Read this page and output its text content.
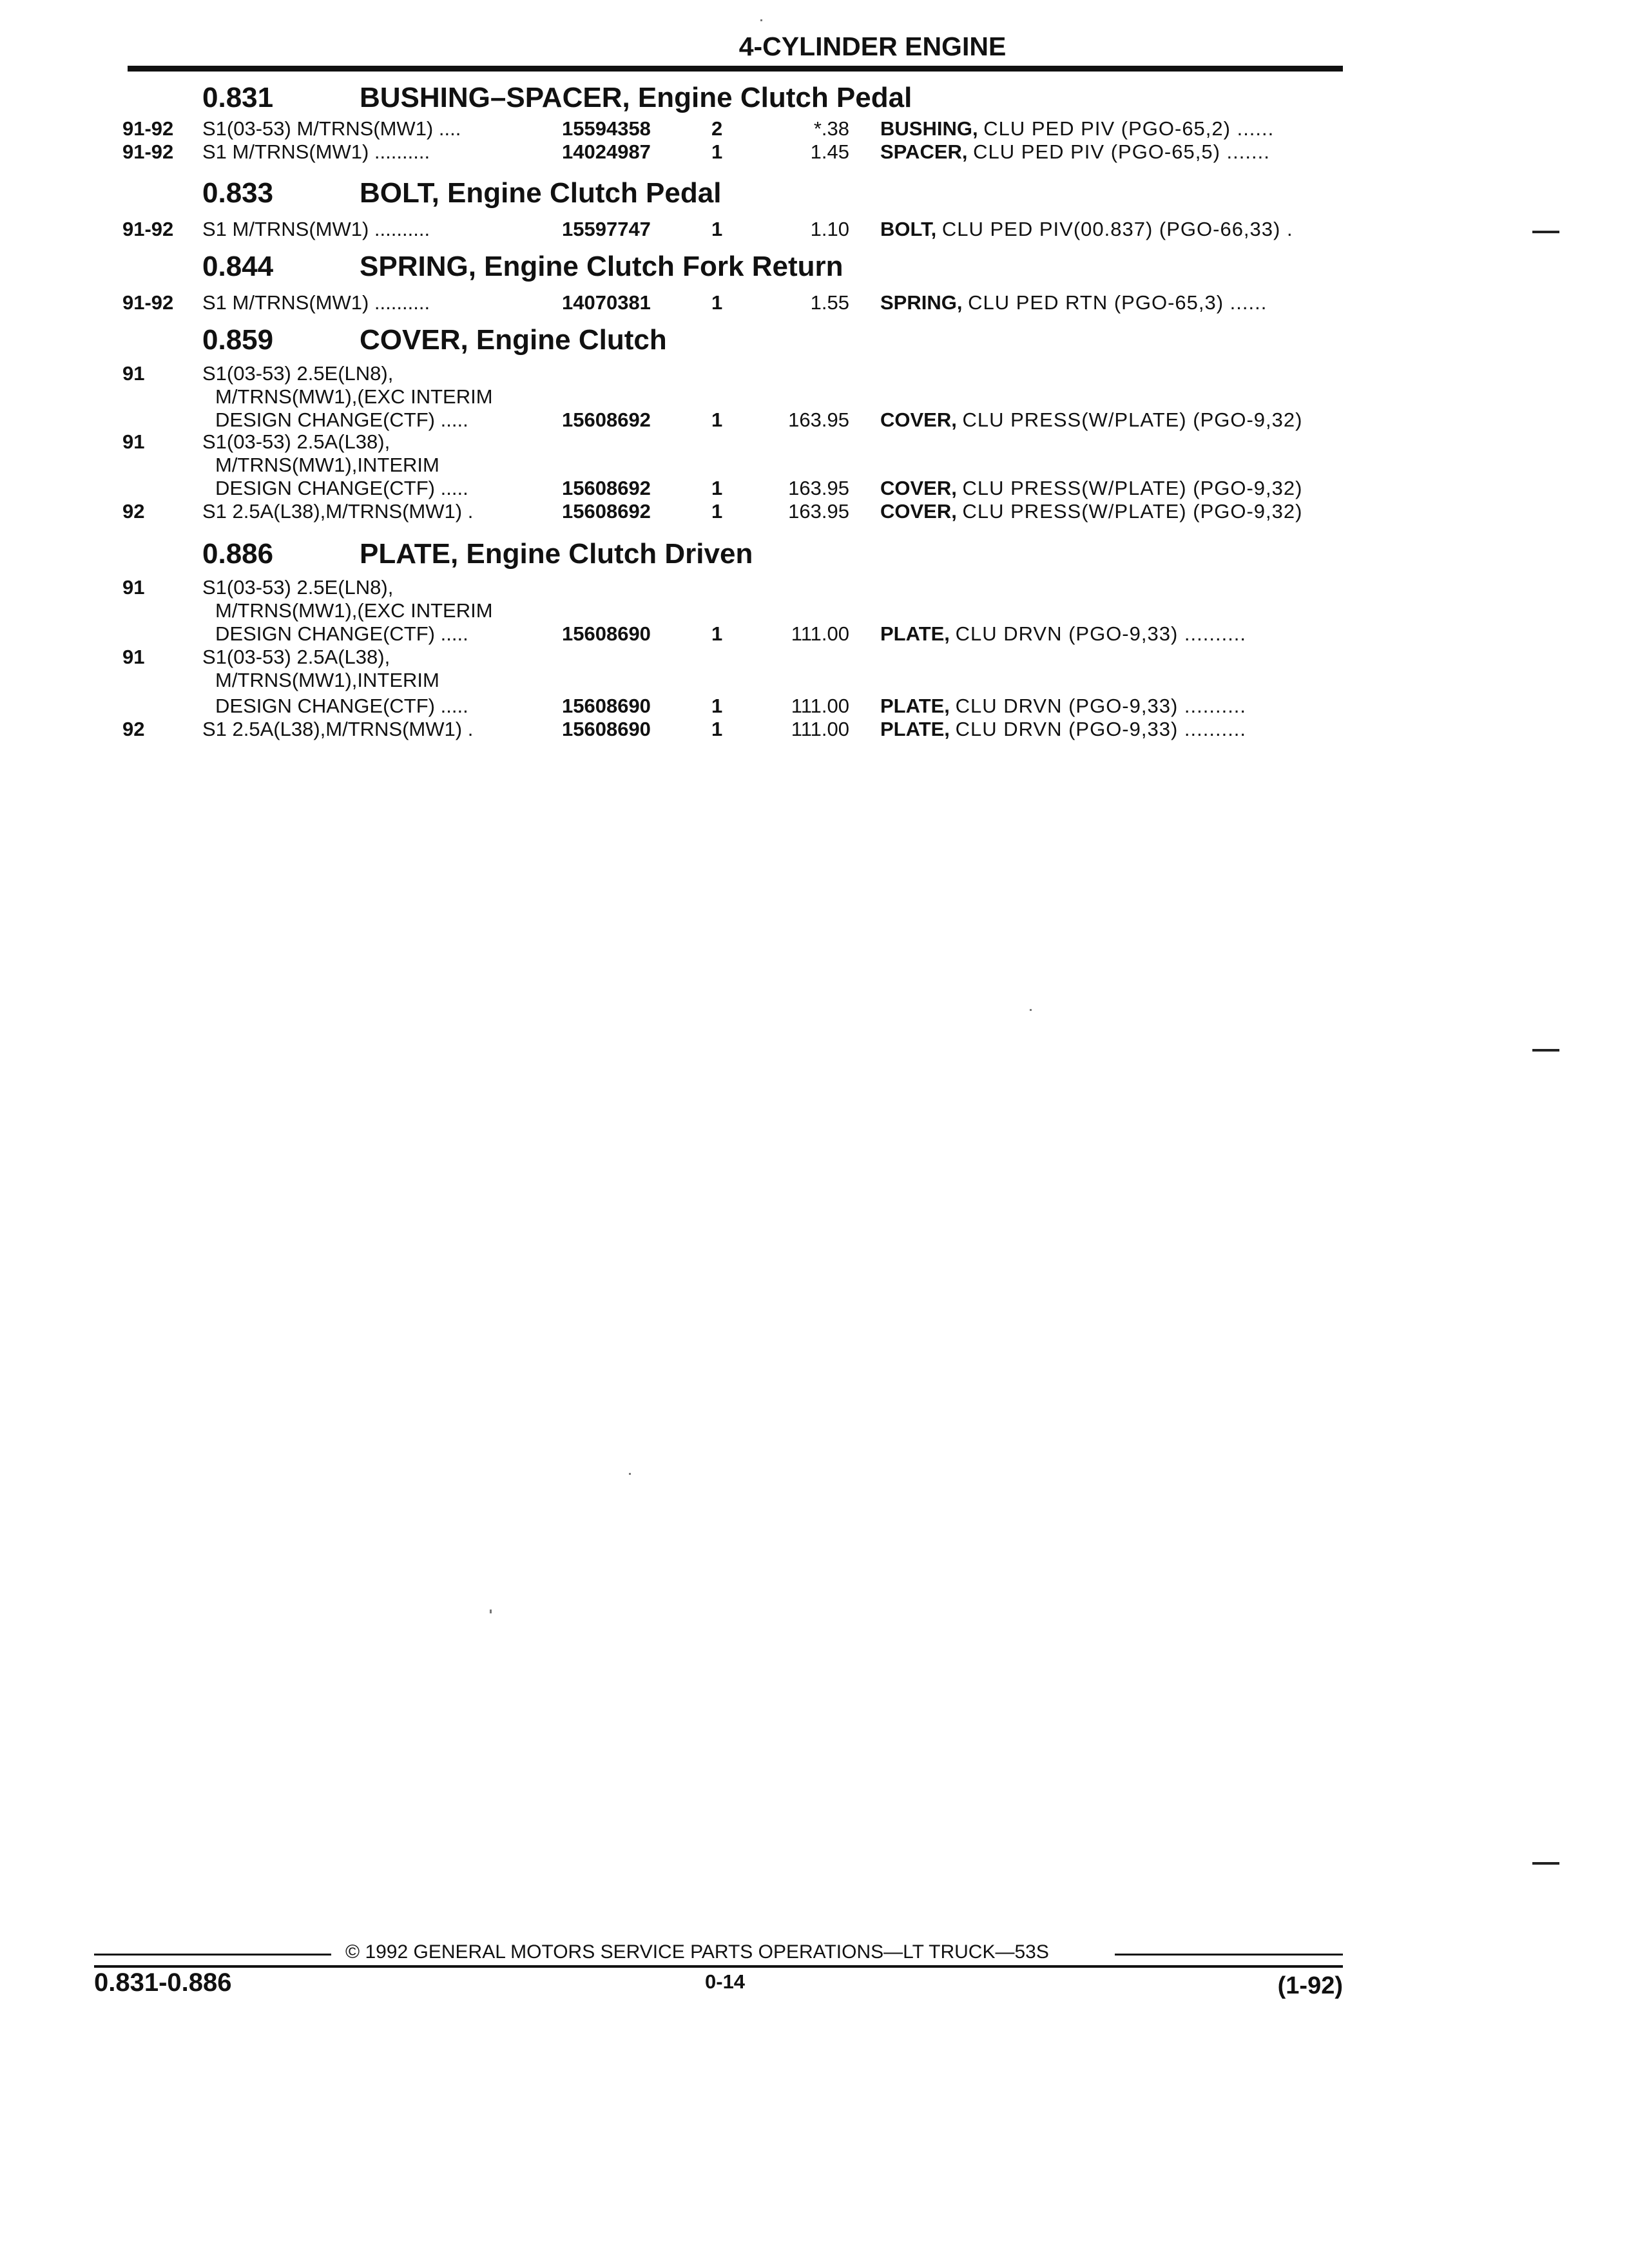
4-CYLINDER ENGINE
0.831	BUSHING–SPACER, Engine Clutch Pedal
91-92 S1(03-53) M/TRNS(MW1) ....	15594358	2	*.38 BUSHING, CLU PED PIV (PGO-65,2) ......
91-92 S1 M/TRNS(MW1) ..........	14024987	1	1.45 SPACER, CLU PED PIV (PGO-65,5) .......
0.833	BOLT, Engine Clutch Pedal
91-92 S1 M/TRNS(MW1) ..........	15597747	1	1.10 BOLT, CLU PED PIV(00.837) (PGO-66,33) .
0.844	SPRING, Engine Clutch Fork Return
91-92 S1 M/TRNS(MW1) ..........	14070381	1	1.55 SPRING, CLU PED RTN (PGO-65,3) ......
0.859	COVER, Engine Clutch
91	S1(03-53) 2.5E(LN8),
M/TRNS(MW1),(EXC INTERIM
DESIGN CHANGE(CTF) .....	15608692	1	163.95 COVER, CLU PRESS(W/PLATE) (PGO-9,32)
91	S1(03-53) 2.5A(L38),
M/TRNS(MW1),INTERIM
DESIGN CHANGE(CTF) .....	15608692	1	163.95 COVER, CLU PRESS(W/PLATE) (PGO-9,32)
92	S1 2.5A(L38),M/TRNS(MW1) .	15608692	1	163.95 COVER, CLU PRESS(W/PLATE) (PGO-9,32)
0.886	PLATE, Engine Clutch Driven
91	S1(03-53) 2.5E(LN8),
M/TRNS(MW1),(EXC INTERIM
DESIGN CHANGE(CTF) .....	15608690	1	111.00 PLATE, CLU DRVN (PGO-9,33) ..........
91	S1(03-53) 2.5A(L38),
M/TRNS(MW1),INTERIM
DESIGN CHANGE(CTF) .....	15608690	1	111.00 PLATE, CLU DRVN (PGO-9,33) ..........
92	S1 2.5A(L38),M/TRNS(MW1) .	15608690	1	111.00 PLATE, CLU DRVN (PGO-9,33) ..........
© 1992 GENERAL MOTORS SERVICE PARTS OPERATIONS—LT TRUCK—53S
0.831-0.886	0-14	(1-92)
